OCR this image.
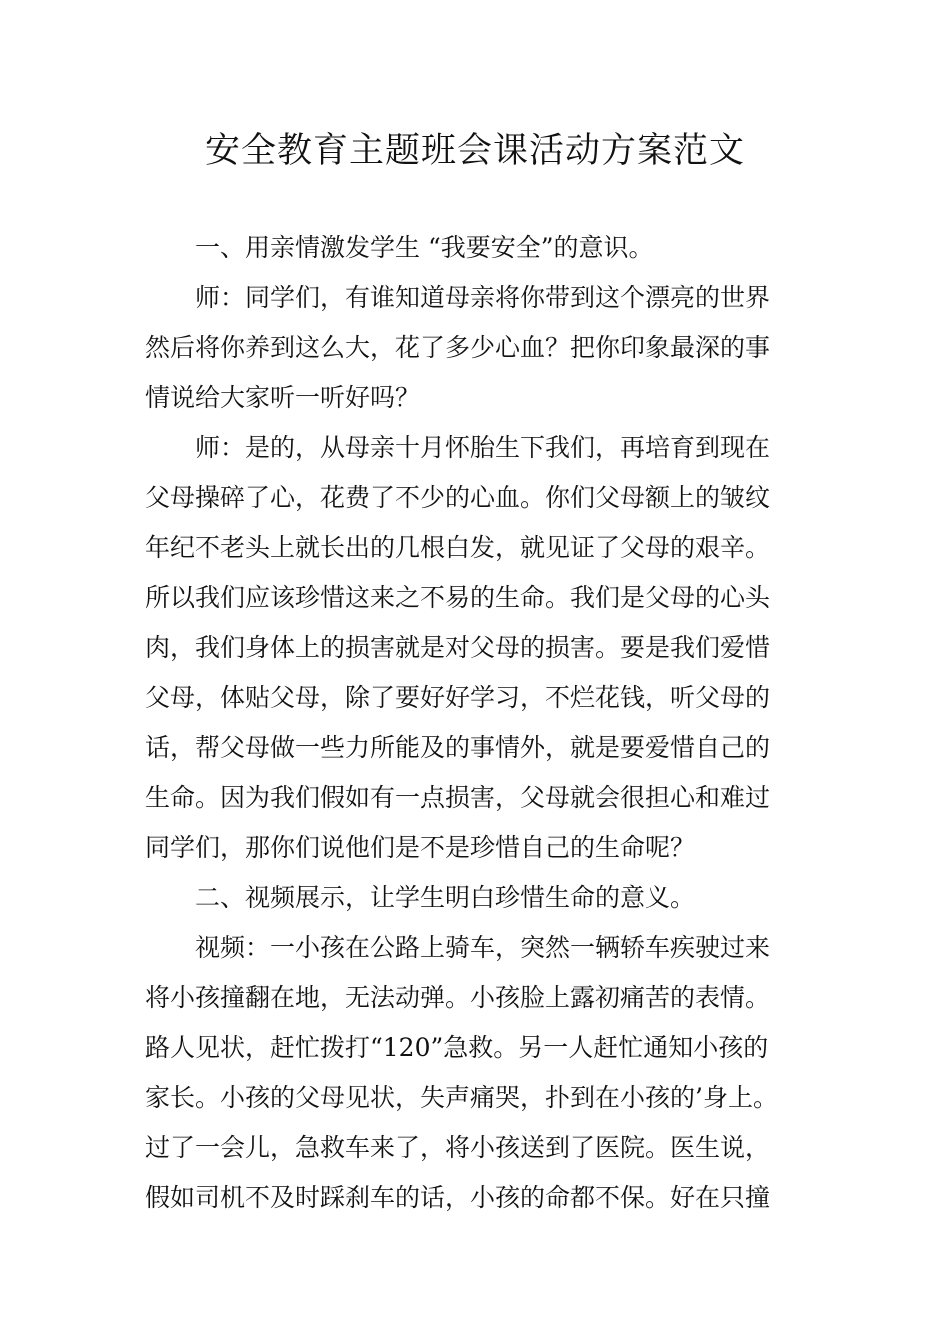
安全教育主题班会课活动方案范文
　　一、用亲情激发学生 “我要安全”的意识。
　　师：同学们，有谁知道母亲将你带到这个漂亮的世界
然后将你养到这么大，花了多少心血？把你印象最深的事
情说给大家听一听好吗？
　　师：是的，从母亲十月怀胎生下我们，再培育到现在
父母操碎了心，花费了不少的心血。你们父母额上的皱纹
年纪不老头上就长出的几根白发，就见证了父母的艰辛。
所以我们应该珍惜这来之不易的生命。我们是父母的心头
肉，我们身体上的损害就是对父母的损害。要是我们爱惜
父母，体贴父母，除了要好好学习，不烂花钱，听父母的
话，帮父母做一些力所能及的事情外，就是要爱惜自己的
生命。因为我们假如有一点损害，父母就会很担心和难过
同学们，那你们说他们是不是珍惜自己的生命呢？
　　二、视频展示，让学生明白珍惜生命的意义。
　　视频：一小孩在公路上骑车，突然一辆轿车疾驶过来
将小孩撞翻在地，无法动弹。小孩脸上露初痛苦的表情。
路人见状，赶忙拨打“120”急救。另一人赶忙通知小孩的
家长。小孩的父母见状，失声痛哭，扑到在小孩的’身上。
过了一会儿，急救车来了，将小孩送到了医院。医生说，
假如司机不及时踩刹车的话，小孩的命都不保。好在只撞
